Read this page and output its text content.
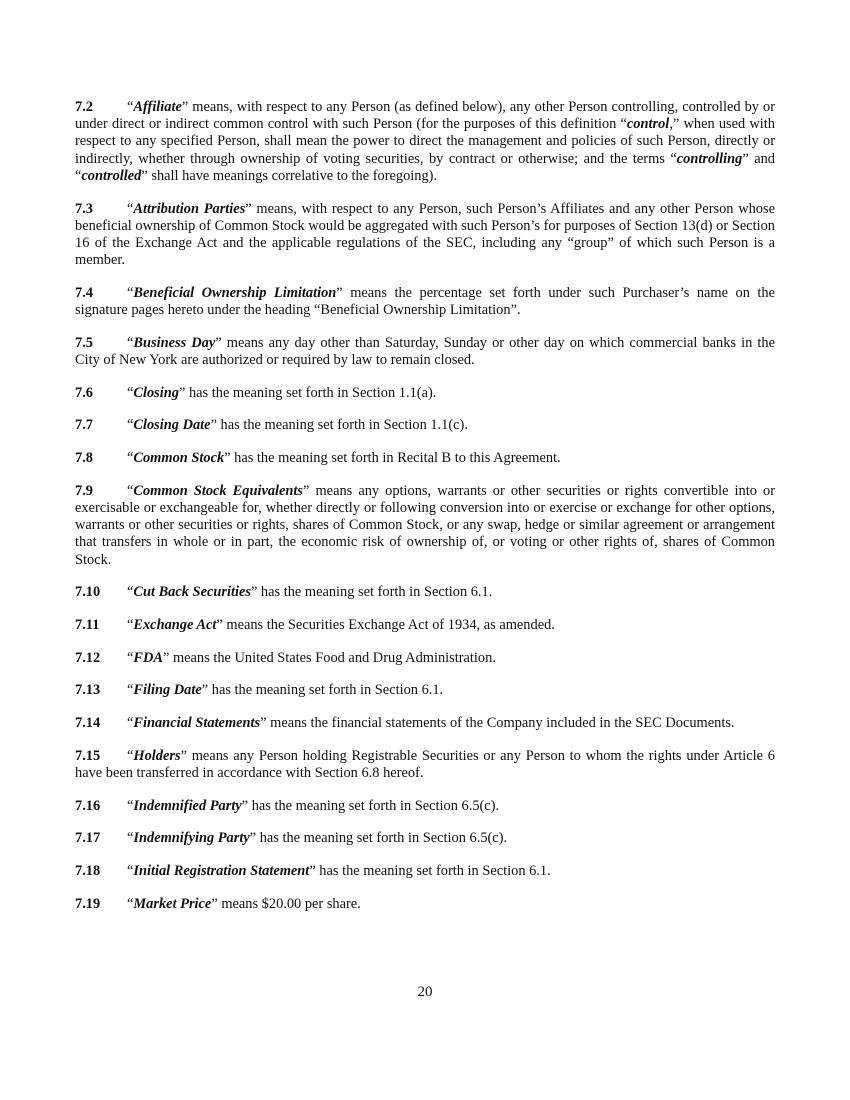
7.2 “Affiliate” means, with respect to any Person (as defined below), any other Person controlling, controlled by or under direct or indirect common control with such Person (for the purposes of this definition “control,” when used with respect to any specified Person, shall mean the power to direct the management and policies of such Person, directly or indirectly, whether through ownership of voting securities, by contract or otherwise; and the terms “controlling” and “controlled” shall have meanings correlative to the foregoing).

7.3 “Attribution Parties” means, with respect to any Person, such Person’s Affiliates and any other Person whose beneficial ownership of Common Stock would be aggregated with such Person’s for purposes of Section 13(d) or Section 16 of the Exchange Act and the applicable regulations of the SEC, including any “group” of which such Person is a member.

7.4 “Beneficial Ownership Limitation” means the percentage set forth under such Purchaser’s name on the signature pages hereto under the heading “Beneficial Ownership Limitation”.

7.5 “Business Day” means any day other than Saturday, Sunday or other day on which commercial banks in the City of New York are authorized or required by law to remain closed.

7.6 “Closing” has the meaning set forth in Section 1.1(a).

7.7 “Closing Date” has the meaning set forth in Section 1.1(c).

7.8 “Common Stock” has the meaning set forth in Recital B to this Agreement.

7.9 “Common Stock Equivalents” means any options, warrants or other securities or rights convertible into or exercisable or exchangeable for, whether directly or following conversion into or exercise or exchange for other options, warrants or other securities or rights, shares of Common Stock, or any swap, hedge or similar agreement or arrangement that transfers in whole or in part, the economic risk of ownership of, or voting or other rights of, shares of Common Stock.

7.10 “Cut Back Securities” has the meaning set forth in Section 6.1.

7.11 “Exchange Act” means the Securities Exchange Act of 1934, as amended.

7.12 “FDA” means the United States Food and Drug Administration.

7.13 “Filing Date” has the meaning set forth in Section 6.1.

7.14 “Financial Statements” means the financial statements of the Company included in the SEC Documents.

7.15 “Holders” means any Person holding Registrable Securities or any Person to whom the rights under Article 6 have been transferred in accordance with Section 6.8 hereof.

7.16 “Indemnified Party” has the meaning set forth in Section 6.5(c).

7.17 “Indemnifying Party” has the meaning set forth in Section 6.5(c).

7.18 “Initial Registration Statement” has the meaning set forth in Section 6.1.

7.19 “Market Price” means $20.00 per share.

20
